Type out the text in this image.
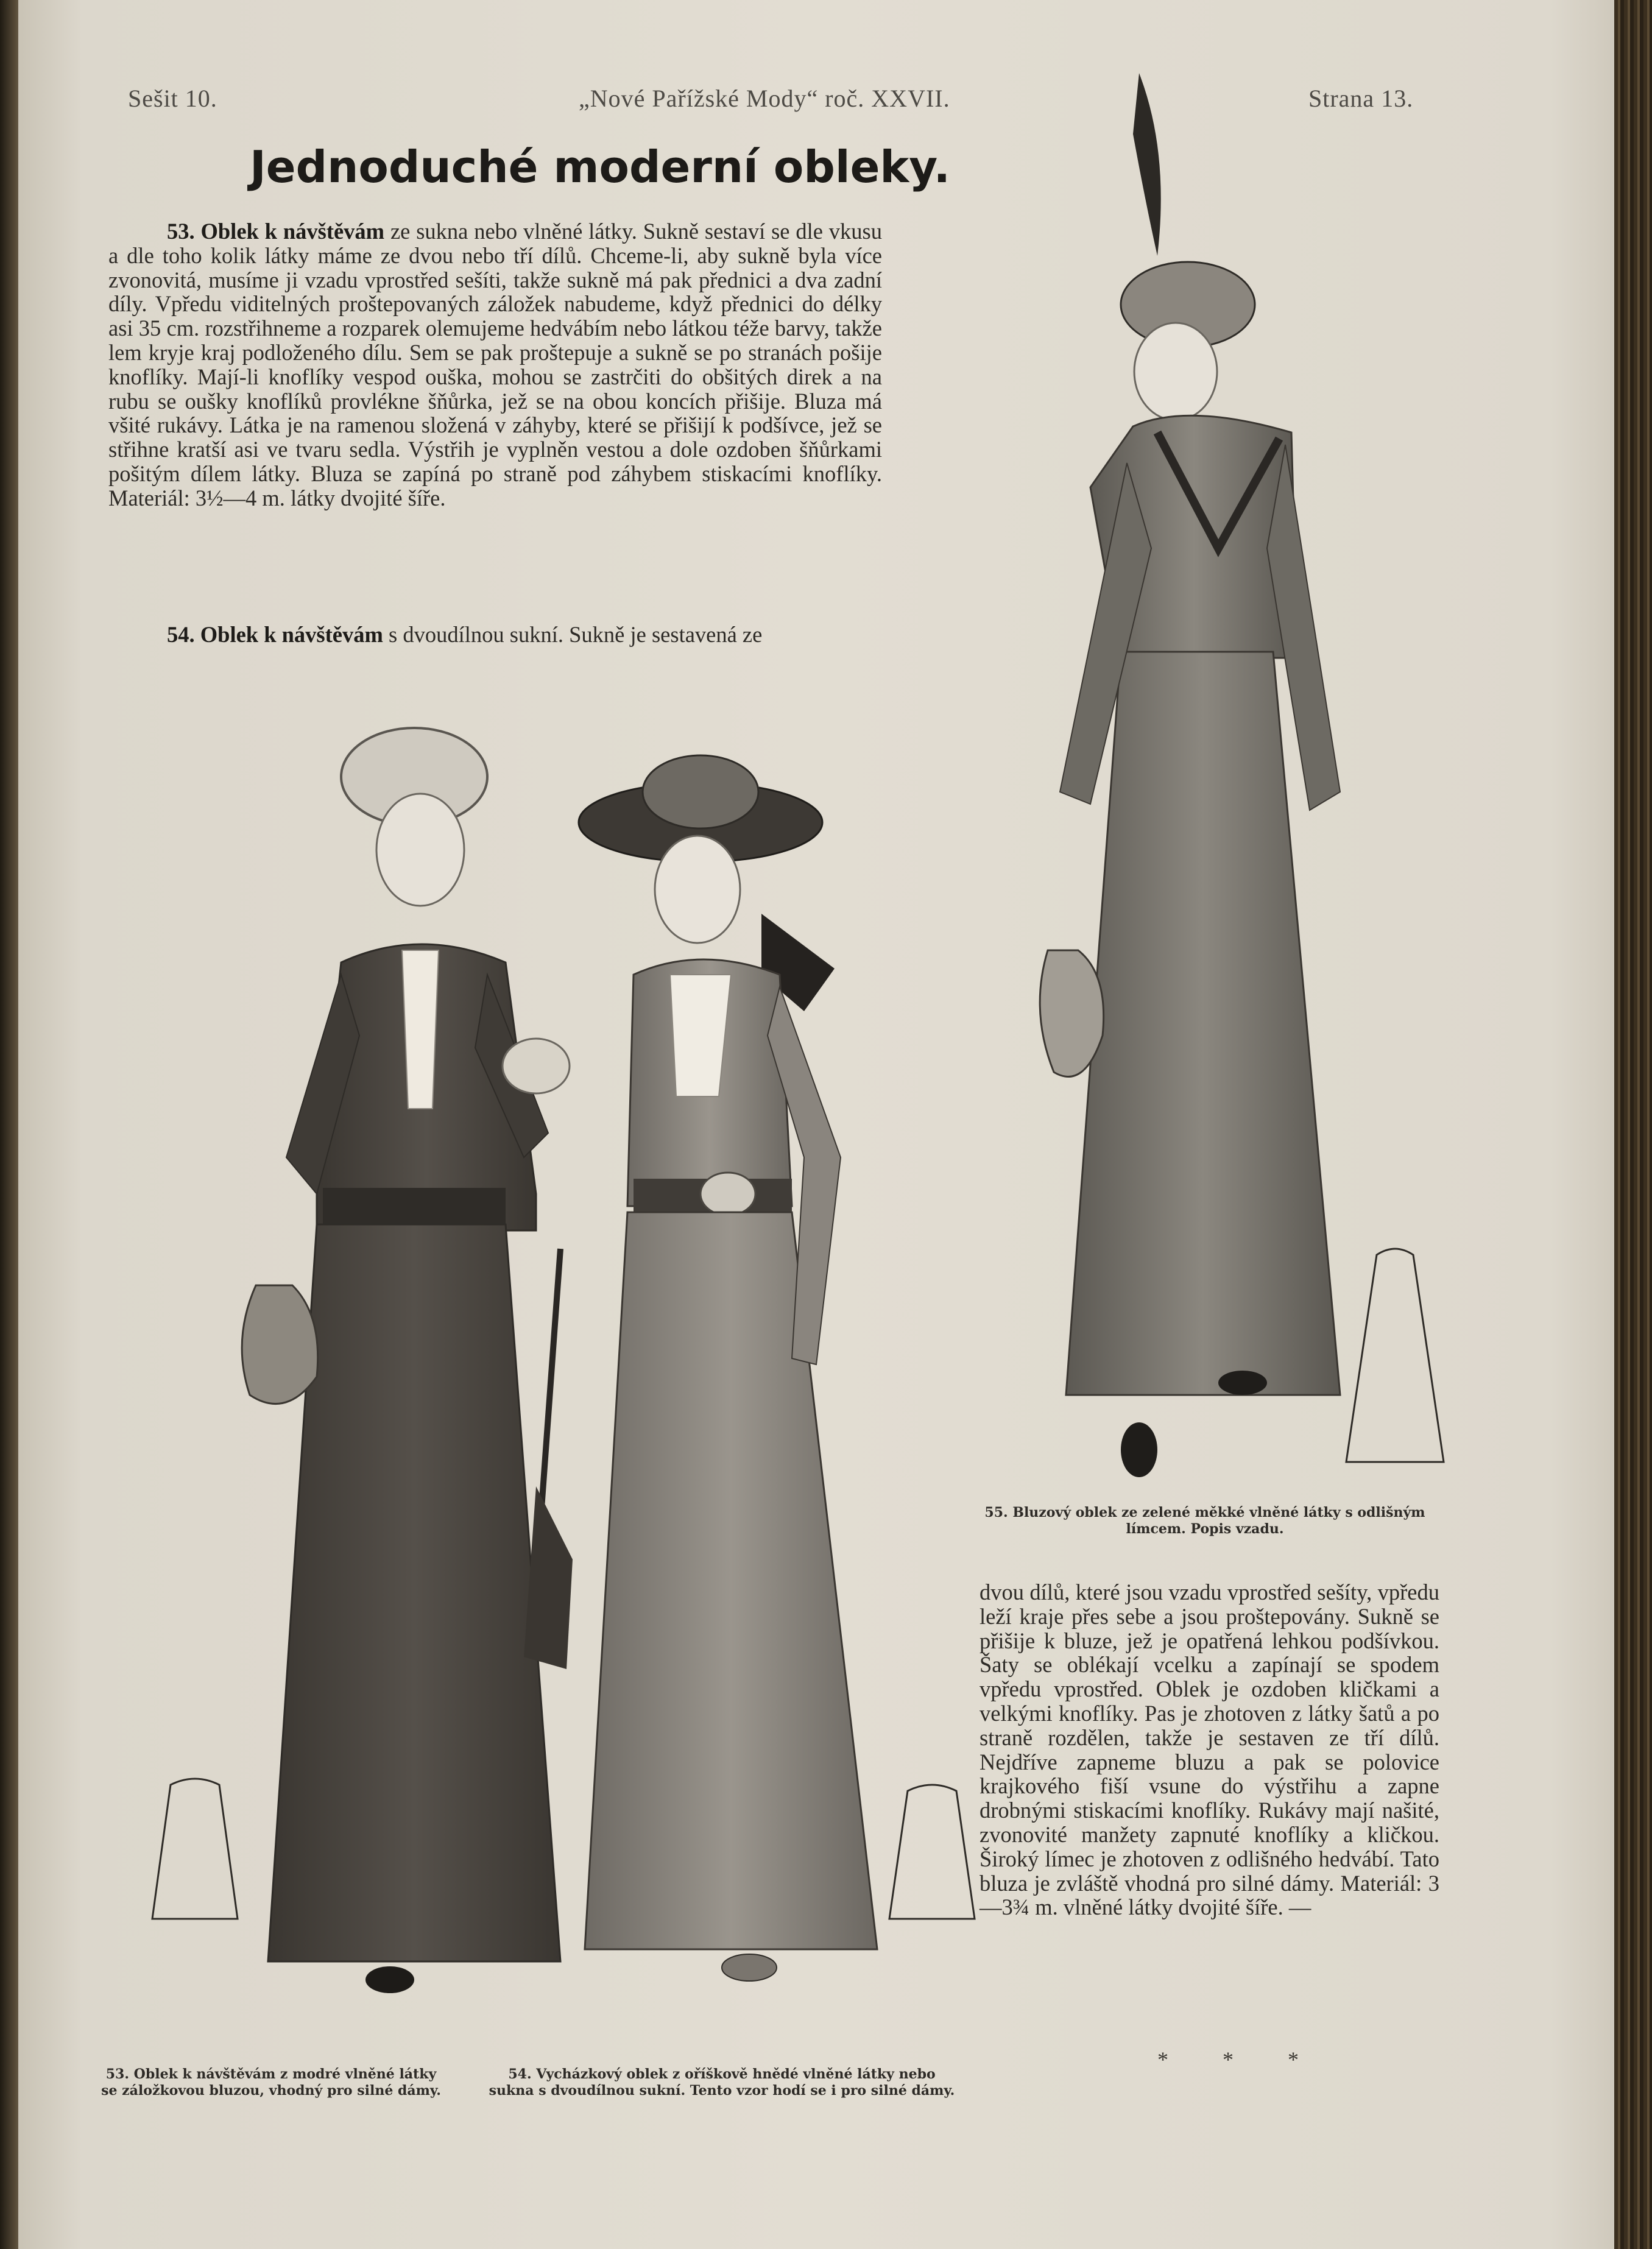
Sešit 10.	„Nové Pařížské Mody“ roč. XXVII.	Strana 13.
Jednoduché moderní obleky.

53. Oblek k návštěvám ze sukna nebo vlněné látky. Sukně sestaví se dle vkusu a dle toho kolik látky máme ze dvou nebo tří dílů. Chceme-li, aby sukně byla více zvonovitá, musíme ji vzadu vprostřed sešíti, takže sukně má pak přednici a dva zadní díly. Vpředu viditelných proštepovaných záložek nabudeme, když přednici do délky asi 35 cm. rozstřihneme a rozparek olemujeme hedvábím nebo látkou téže barvy, takže lem kryje kraj podloženého dílu. Sem se pak proštepuje a sukně se po stranách pošije knoflíky. Mají-li knoflíky vespod ouška, mohou se zastrčiti do obšitých direk a na rubu se oušky knoflíků provlékne šňůrka, jež se na obou koncích přišije. Bluza má všité rukávy. Látka je na ramenou složená v záhyby, které se přišijí k podšívce, jež se střihne kratší asi ve tvaru sedla. Výstřih je vyplněn vestou a dole ozdoben šňůrkami pošitým dílem látky. Bluza se zapíná po straně pod záhybem stiskacími knoflíky. Materiál: 3½—4 m. látky dvojité šíře.

54. Oblek k návštěvám s dvoudílnou sukní. Sukně je sestavená ze

dvou dílů, které jsou vzadu vprostřed sešíty, vpředu leží kraje přes sebe a jsou proštepovány. Sukně se přišije k bluze, jež je opatřená lehkou podšívkou. Šaty se oblékají vcelku a zapínají se spodem vpředu vprostřed. Oblek je ozdoben kličkami a velkými knoflíky. Pas je zhotoven z látky šatů a po straně rozdělen, takže je sestaven ze tří dílů. Nejdříve zapneme bluzu a pak se polovice krajkového fiší vsune do výstřihu a zapne drobnými stiskacími knoflíky. Rukávy mají našité, zvonovité manžety zapnuté knoflíky a kličkou. Široký límec je zhotoven z odlišného hedvábí. Tato bluza je zvláště vhodná pro silné dámy. Materiál: 3—3¾ m. vlněné látky dvojité šíře. —

* * *

53. Oblek k návštěvám z modré vlněné látky se záložkovou bluzou, vhodný pro silné dámy.

54. Vycházkový oblek z oříškově hnědé vlněné látky nebo sukna s dvoudílnou sukní. Tento vzor hodí se i pro silné dámy.

55. Bluzový oblek ze zelené měkké vlněné látky s odlišným límcem. Popis vzadu.
